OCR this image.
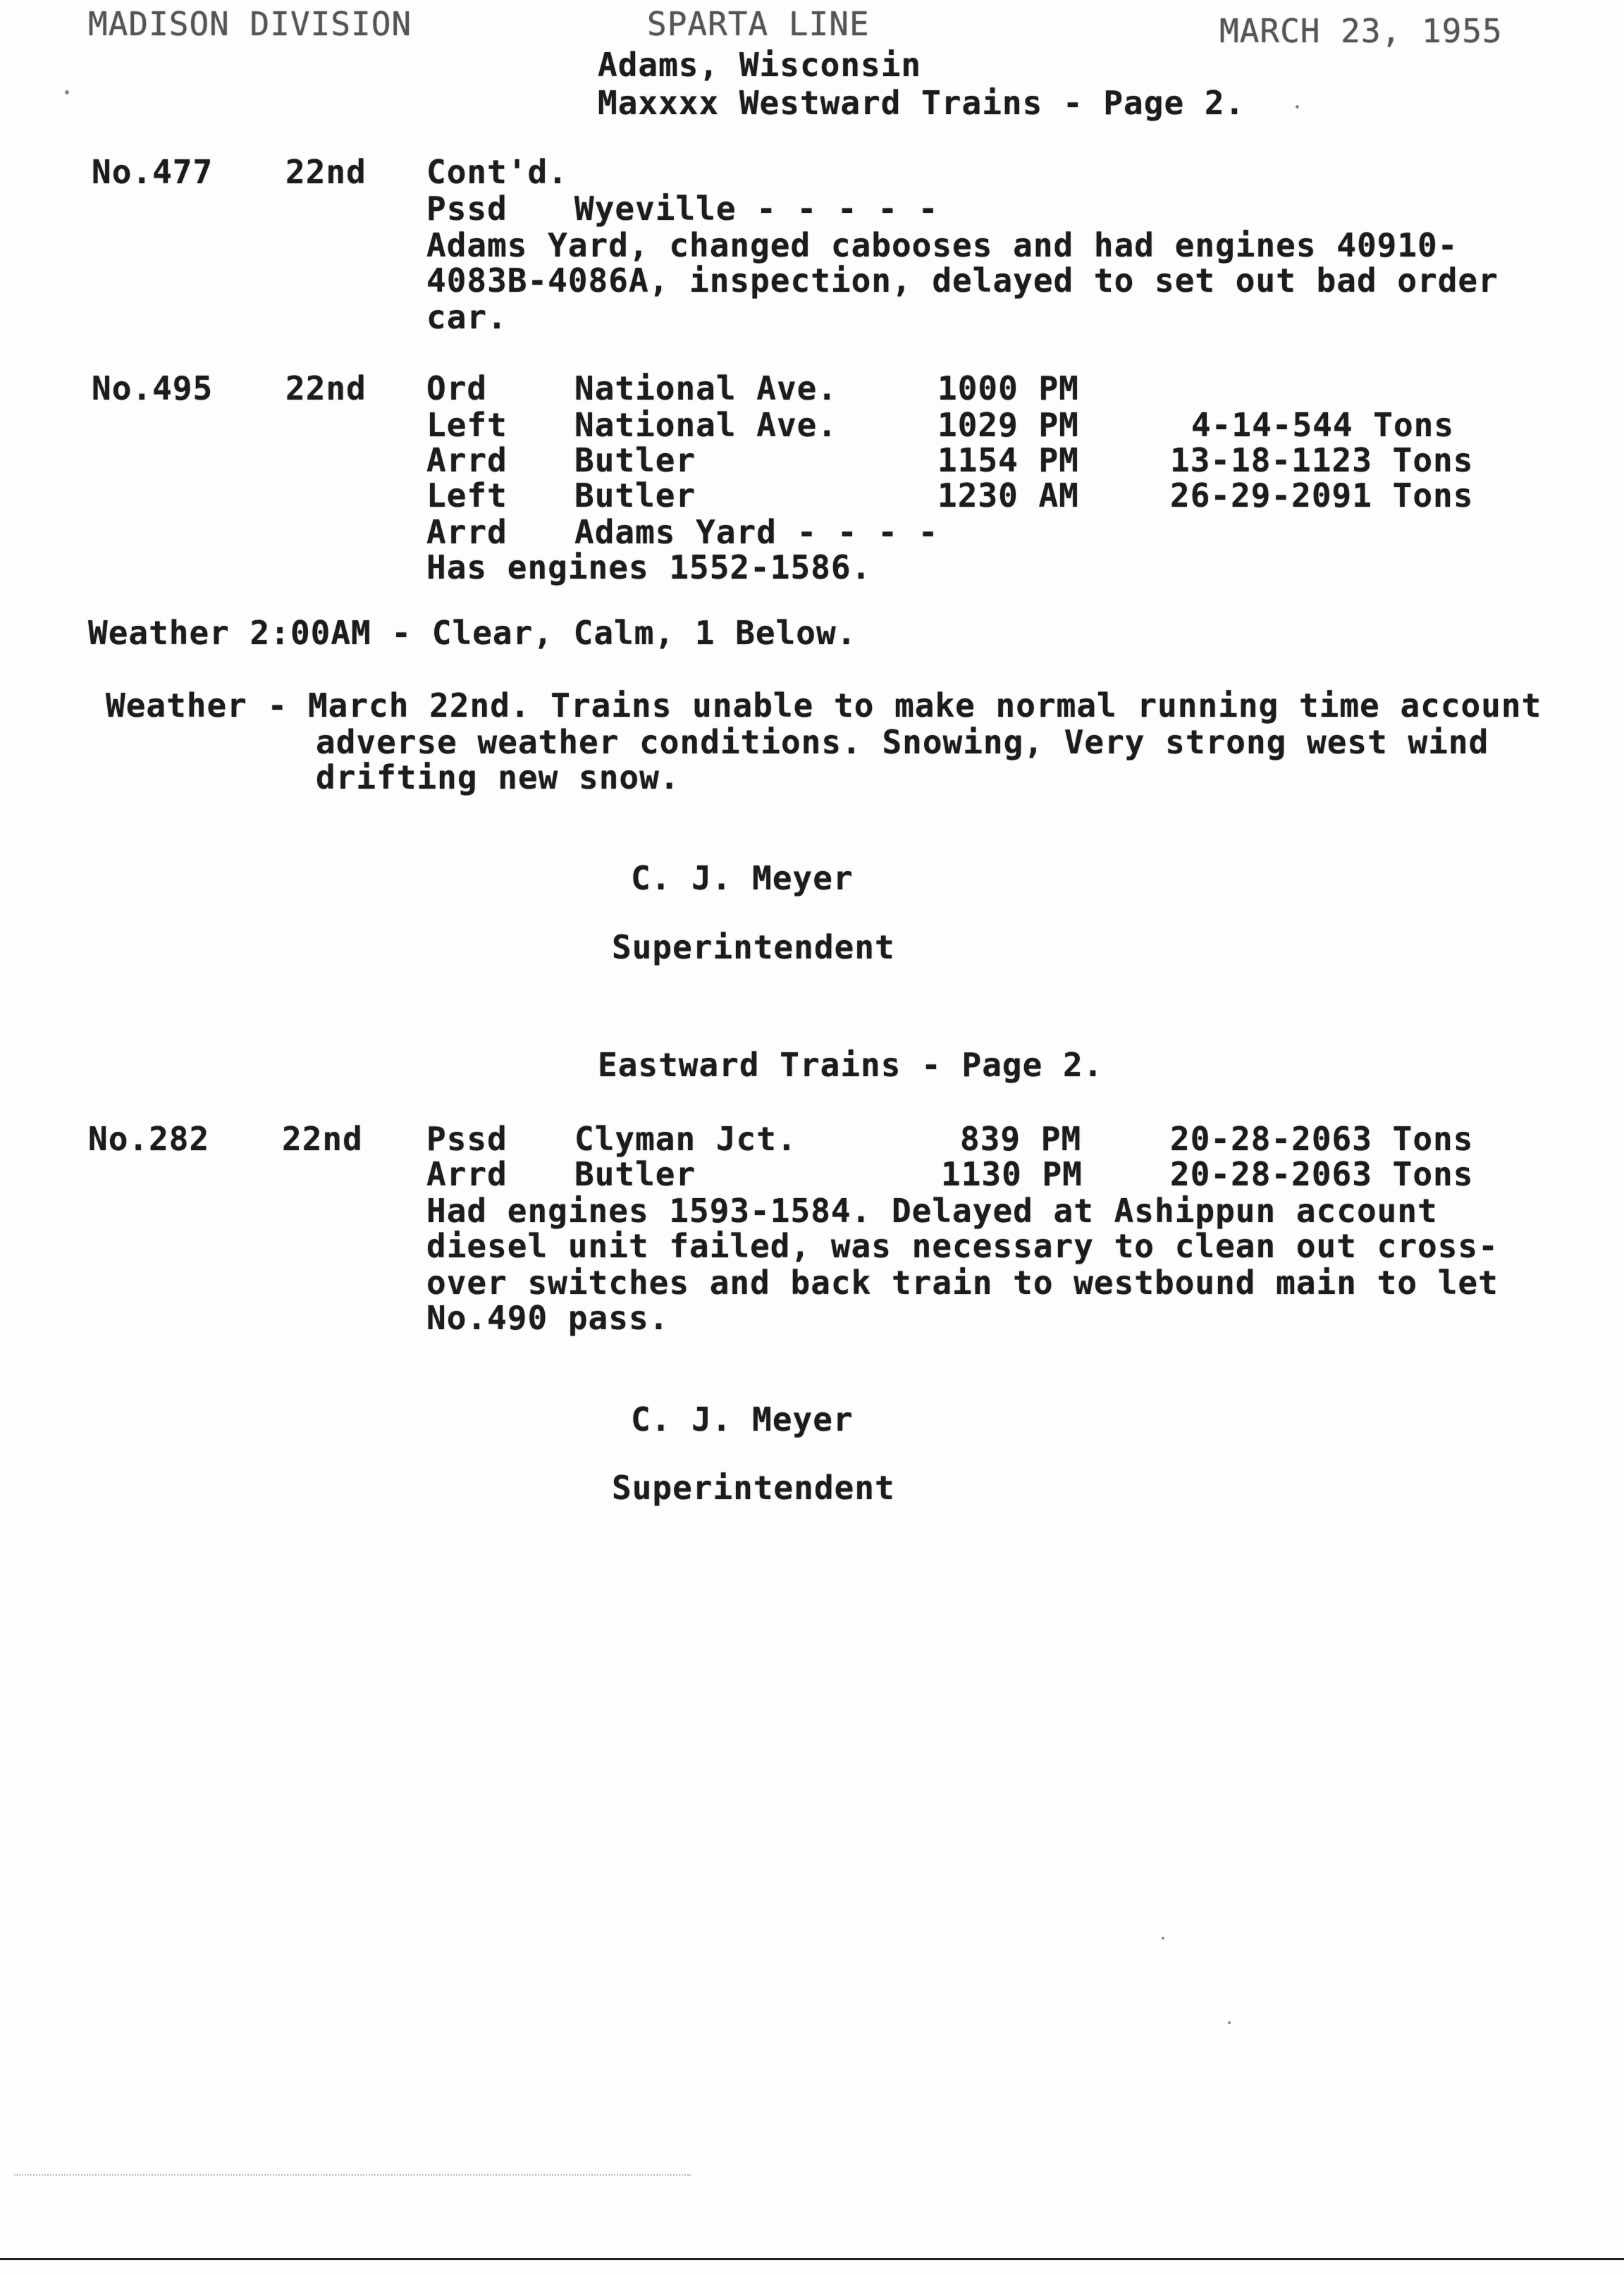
MADISON DIVISION	SPARTA LINE	MARCH 23, 1955
Adams, Wisconsin
Maxxxx Westward Trains - Page 2.
No.477 22nd Cont'd.
Pssd Wyeville - - - - -
Adams Yard, changed cabooses and had engines 40910-
4083B-4086A, inspection, delayed to set out bad order
car.
No.495 22nd Ord	National Ave.	1000 PM
Left National Ave.	1029 PM	4-14-544 Tons
Arrd Butler	1154 PM	13-18-1123 Tons
Left Butler	1230 AM	26-29-2091 Tons
Arrd Adams Yard - - - -
Has engines 1552-1586.
Weather 2:00AM - Clear, Calm, 1 Below.
Weather - March 22nd. Trains unable to make normal running time account
adverse weather conditions. Snowing, Very strong west wind
drifting new snow.
C. J. Meyer
Superintendent
Eastward Trains - Page 2.
No.282 22nd Pssd Clyman Jct.	839 PM	20-28-2063 Tons
Arrd Butler	1130 PM	20-28-2063 Tons
Had engines 1593-1584. Delayed at Ashippun account
diesel unit failed, was necessary to clean out cross-
over switches and back train to westbound main to let
No.490 pass.
C. J. Meyer
Superintendent
